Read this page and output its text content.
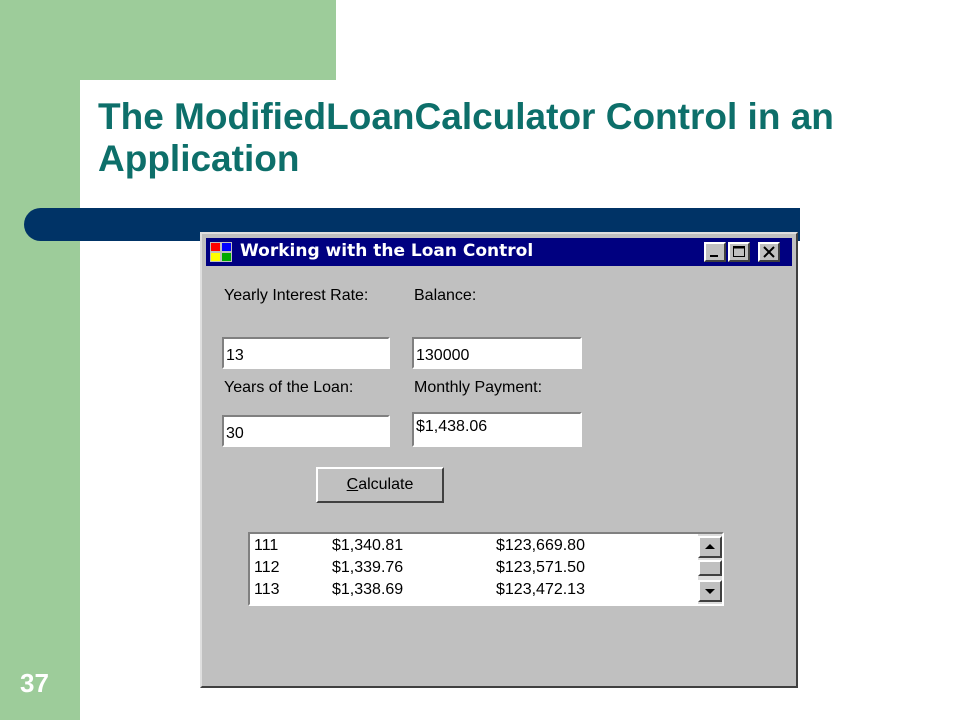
The ModifiedLoanCalculator Control in an Application
37
Working with the Loan Control
Yearly Interest Rate:	Balance:
13
130000
Years of the Loan:	Monthly Payment:
30
$1,438.06
Calculate
111	$1,340.81	$123,669.80
112	$1,339.76	$123,571.50
113	$1,338.69	$123,472.13
